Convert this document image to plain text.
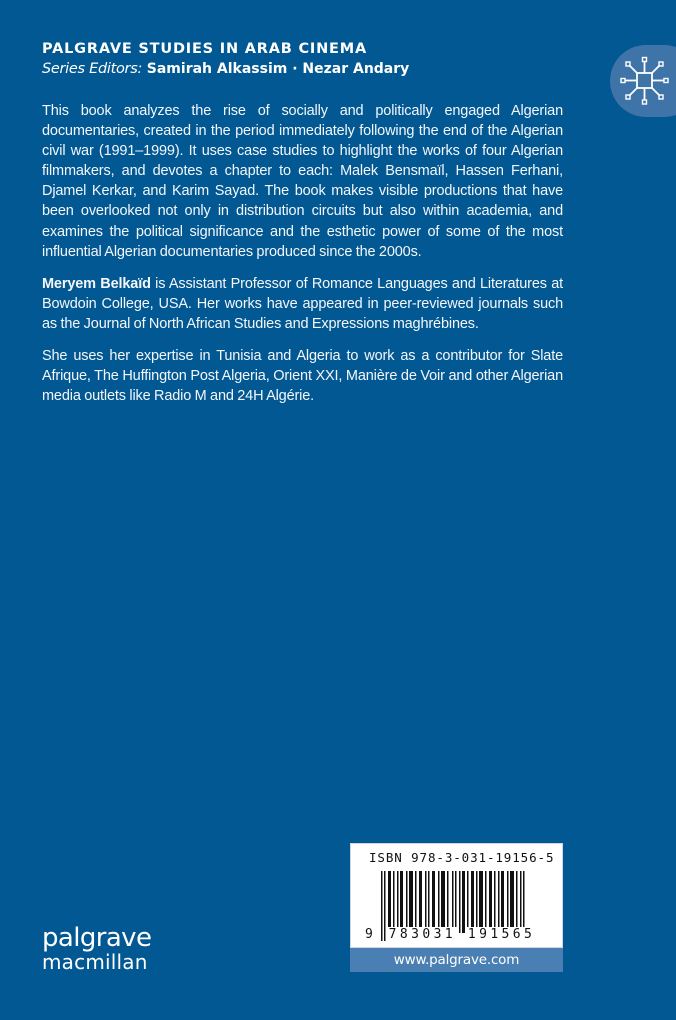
PALGRAVE STUDIES IN ARAB CINEMA
Series Editors: Samirah Alkassim · Nezar Andary

This book analyzes the rise of socially and politically engaged Algerian documentaries, created in the period immediately following the end of the Algerian civil war (1991–1999). It uses case studies to highlight the works of four Algerian filmmakers, and devotes a chapter to each: Malek Bensmaïl, Hassen Ferhani, Djamel Kerkar, and Karim Sayad. The book makes visible productions that have been overlooked not only in distribution circuits but also within academia, and examines the political significance and the esthetic power of some of the most influential Algerian documentaries produced since the 2000s.

Meryem Belkaïd is Assistant Professor of Romance Languages and Literatures at Bowdoin College, USA. Her works have appeared in peer-reviewed journals such as the Journal of North African Studies and Expressions maghrébines.

She uses her expertise in Tunisia and Algeria to work as a contributor for Slate Afrique, The Huffington Post Algeria, Orient XXI, Manière de Voir and other Algerian media outlets like Radio M and 24H Algérie.

palgrave
macmillan
ISBN 978-3-031-19156-5
9 783031 191565
www.palgrave.com
